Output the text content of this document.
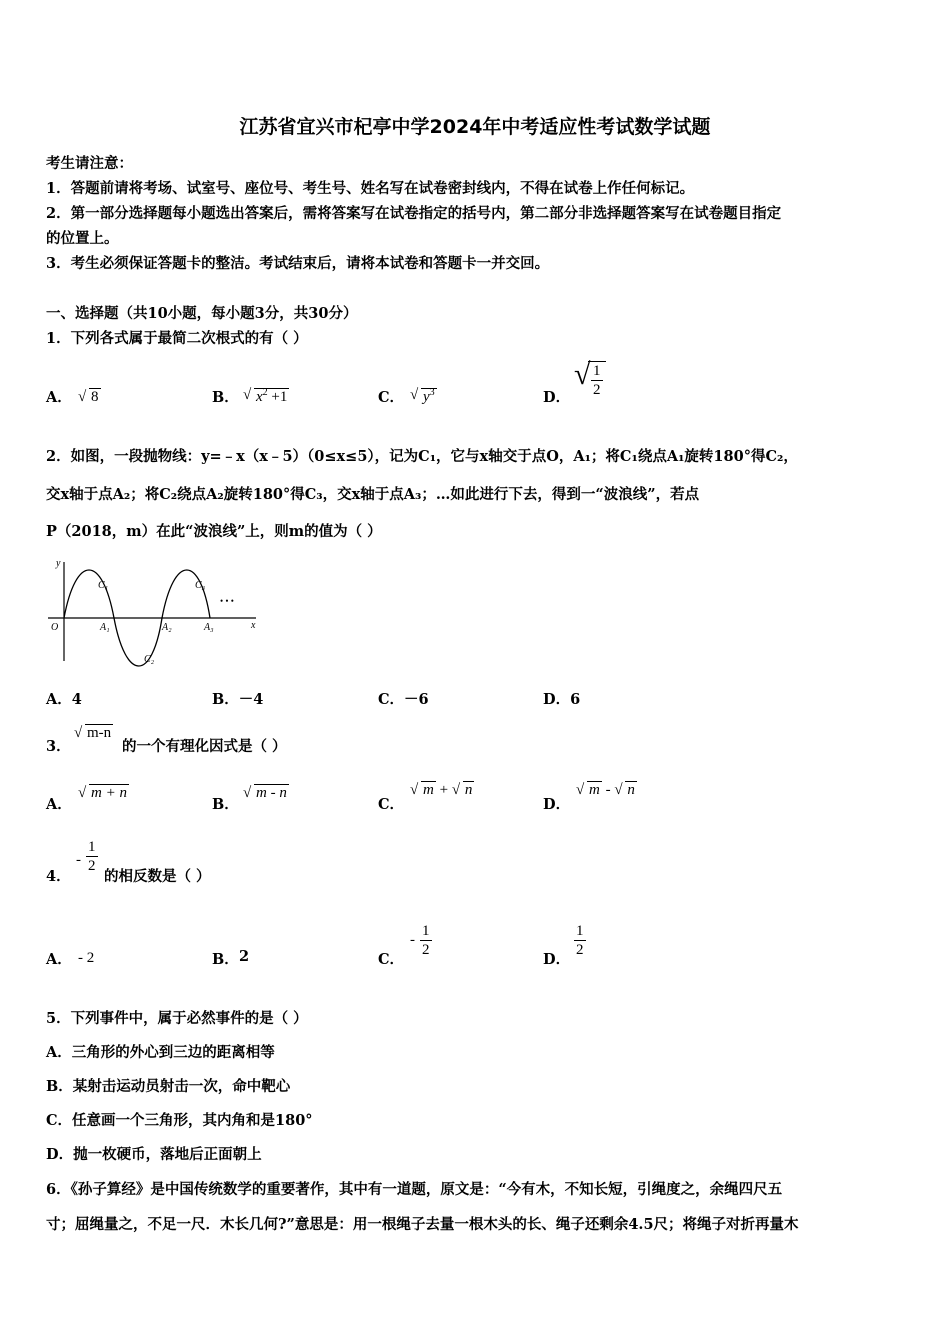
江苏省宜兴市杞亭中学2024年中考适应性考试数学试题
考生请注意：
1．答题前请将考场、试室号、座位号、考生号、姓名写在试卷密封线内，不得在试卷上作任何标记。
2．第一部分选择题每小题选出答案后，需将答案写在试卷指定的括号内，第二部分非选择题答案写在试卷题目指定
的位置上。
3．考生必须保证答题卡的整洁。考试结束后，请将本试卷和答题卡一并交回。
一、选择题（共10小题，每小题3分，共30分）
1．下列各式属于最简二次根式的有（ ）
A． √ 8	B． √ $x^2 +1$	C． √ $y^3$	D．
√ $\frac{1}{2}$
2．如图，一段抛物线：y=﹣x（x﹣5）（0≤x≤5），记为C₁，它与x轴交于点O，A₁；将C₁绕点A₁旋转180°得C₂，
交x轴于点A₂；将C₂绕点A₂旋转180°得C₃，交x轴于点A₃；…如此进行下去，得到一“波浪线”，若点
P（2018，m）在此“波浪线”上，则m的值为（ ）
y
x
O	A₁	A₂	A₃
C₁
C₂
C₃
• • •
A．4	B．－4	C．－6	D．6
3．
√ m-n
的一个有理化因式是（ ）
A．
√ m + n
B．
√ m - n
C．
√ m + √ n
D．
√ m - √ n
4．
- $\frac{1}{2}$
的相反数是（ ）
A． - 2	B． 2	C．
- $\frac{1}{2}$
D．
$\frac{1}{2}$
5．下列事件中，属于必然事件的是（ ）
A．三角形的外心到三边的距离相等
B．某射击运动员射击一次，命中靶心
C．任意画一个三角形，其内角和是180°
D．抛一枚硬币，落地后正面朝上
6．《孙子算经》是中国传统数学的重要著作，其中有一道题，原文是：“今有木，不知长短，引绳度之，余绳四尺五
寸；屈绳量之，不足一尺．木长几何?”意思是：用一根绳子去量一根木头的长、绳子还剩余4.5尺；将绳子对折再量木
